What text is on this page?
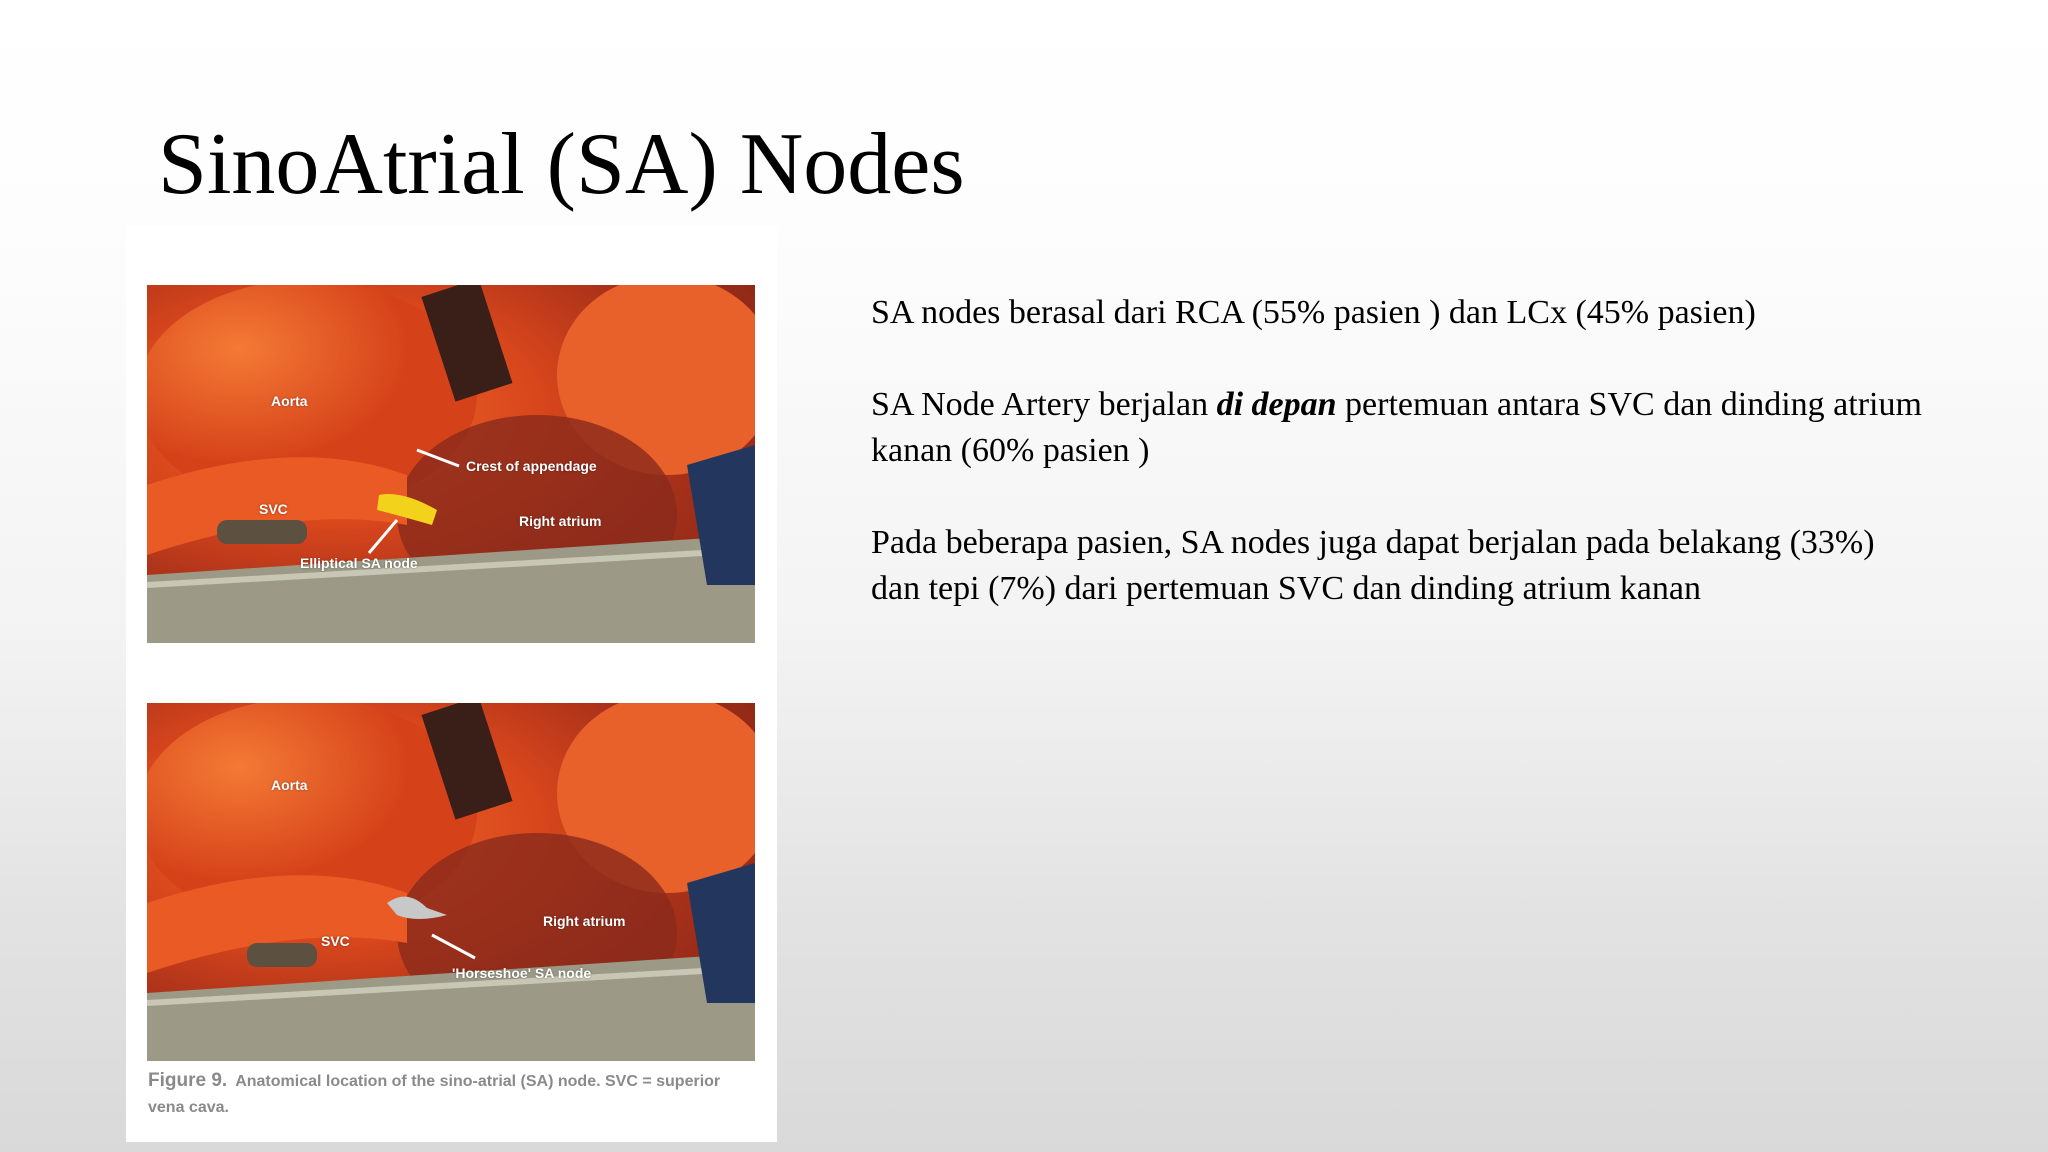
SinoAtrial (SA) Nodes
Aorta
Crest of appendage
SVC
Right atrium
Elliptical SA node
Aorta
SVC
Right atrium
'Horseshoe' SA node
Figure 9. Anatomical location of the sino-atrial (SA) node. SVC = superior vena cava.

SA nodes berasal dari RCA (55% pasien ) dan LCx (45% pasien)

SA Node Artery berjalan di depan pertemuan antara SVC dan dinding atrium kanan (60% pasien )

Pada beberapa pasien, SA nodes juga dapat berjalan pada belakang (33%) dan tepi (7%) dari pertemuan SVC dan dinding atrium kanan
